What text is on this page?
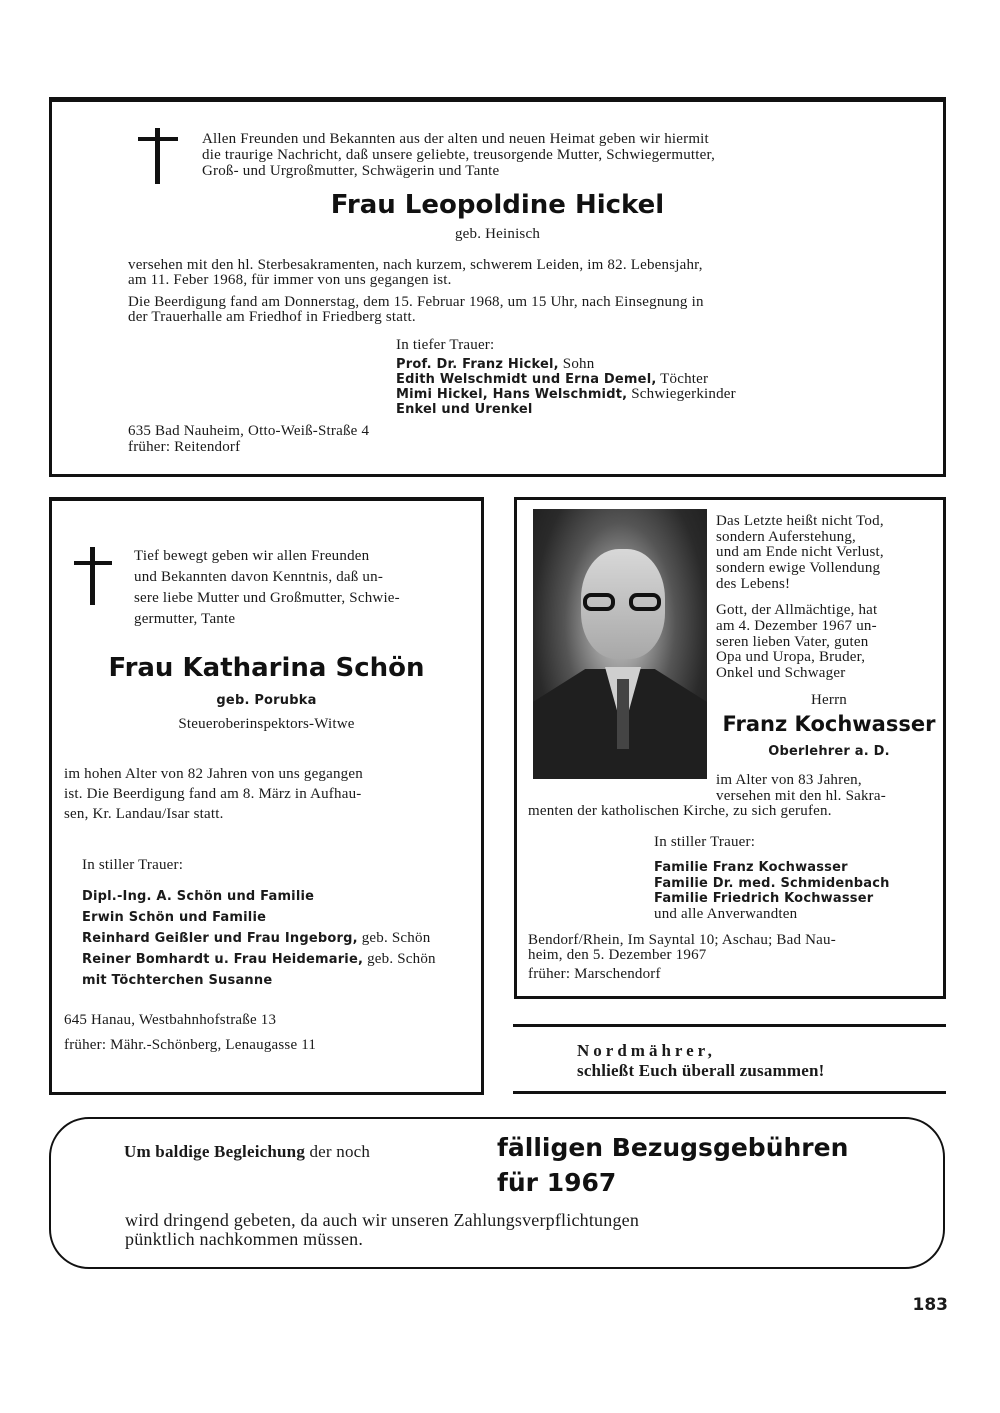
Allen Freunden und Bekannten aus der alten und neuen Heimat geben wir hiermit
die traurige Nachricht, daß unsere geliebte, treusorgende Mutter, Schwiegermutter,
Groß- und Urgroßmutter, Schwägerin und Tante
Frau Leopoldine Hickel
geb. Heinisch
versehen mit den hl. Sterbesakramenten, nach kurzem, schwerem Leiden, im 82. Lebensjahr,
am 11. Feber 1968, für immer von uns gegangen ist.
Die Beerdigung fand am Donnerstag, dem 15. Februar 1968, um 15 Uhr, nach Einsegnung in
der Trauerhalle am Friedhof in Friedberg statt.
In tiefer Trauer:
Prof. Dr. Franz Hickel, Sohn
Edith Welschmidt und Erna Demel, Töchter
Mimi Hickel, Hans Welschmidt, Schwiegerkinder
Enkel und Urenkel
635 Bad Nauheim, Otto-Weiß-Straße 4
früher: Reitendorf
Tief bewegt geben wir allen Freunden
und Bekannten davon Kenntnis, daß un-
sere liebe Mutter und Großmutter, Schwie-
germutter, Tante
Frau Katharina Schön
geb. Porubka
Steueroberinspektors-Witwe
im hohen Alter von 82 Jahren von uns gegangen
ist. Die Beerdigung fand am 8. März in Aufhau-
sen, Kr. Landau/Isar statt.
In stiller Trauer:
Dipl.-Ing. A. Schön und Familie
Erwin Schön und Familie
Reinhard Geißler und Frau Ingeborg, geb. Schön
Reiner Bomhardt u. Frau Heidemarie, geb. Schön
mit Töchterchen Susanne
645 Hanau, Westbahnhofstraße 13
früher: Mähr.-Schönberg, Lenaugasse 11
Das Letzte heißt nicht Tod,
sondern Auferstehung,
und am Ende nicht Verlust,
sondern ewige Vollendung
des Lebens!
Gott, der Allmächtige, hat
am 4. Dezember 1967 un-
seren lieben Vater, guten
Opa und Uropa, Bruder,
Onkel und Schwager
Herrn
Franz Kochwasser
Oberlehrer a. D.
im Alter von 83 Jahren,
versehen mit den hl. Sakra-
menten der katholischen Kirche, zu sich gerufen.
In stiller Trauer:
Familie Franz Kochwasser
Familie Dr. med. Schmidenbach
Familie Friedrich Kochwasser
und alle Anverwandten
Bendorf/Rhein, Im Sayntal 10; Aschau; Bad Nau-
heim, den 5. Dezember 1967
früher: Marschendorf
Nordmährer,
schließt Euch überall zusammen!
Um baldige Begleichung der noch	fälligen Bezugsgebühren
für 1967
wird dringend gebeten, da auch wir unseren Zahlungsverpflichtungen
pünktlich nachkommen müssen.
183
